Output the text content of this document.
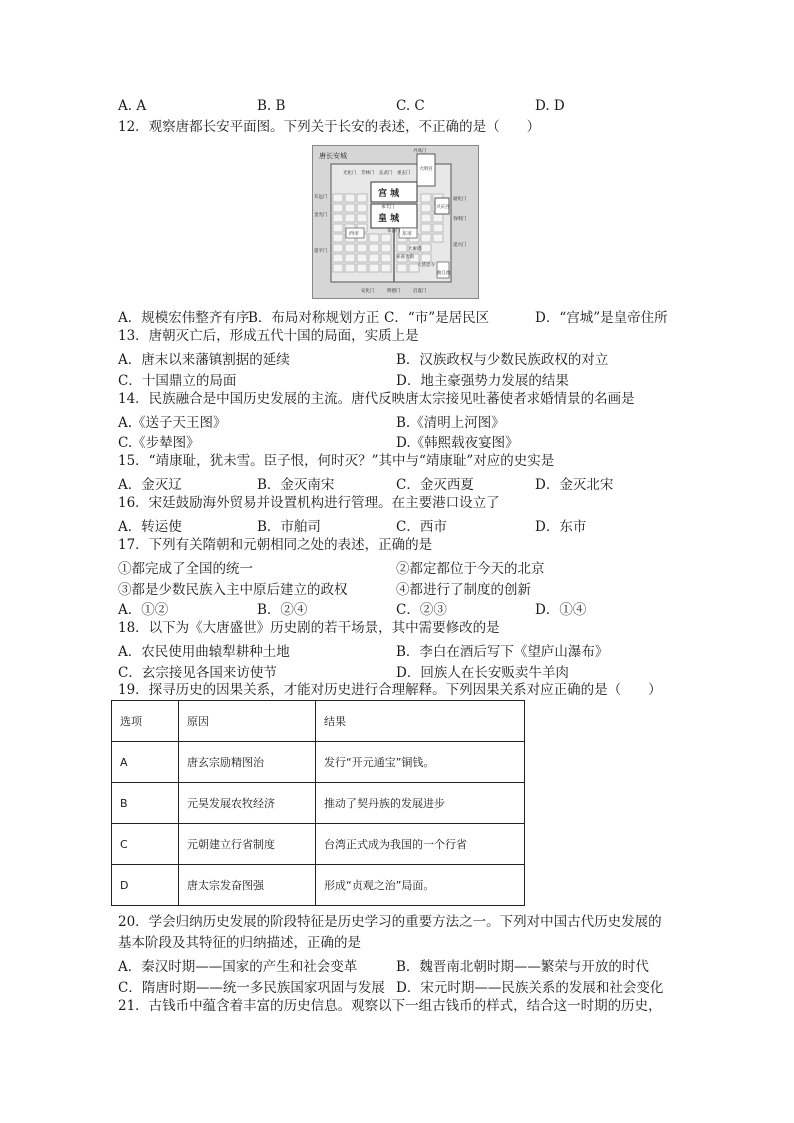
A. A	B. B	C. C	D. D
12．观察唐都长安平面图。下列关于长安的表述，不正确的是（　　）
唐长安城
宫 城
皇 城
承天门
西市	东市
大雁塔
大明宫
兴庆宫
大慈恩寺
曲江池
朱雀大街
朱雀门
光化门 芳林门 玄武门 重玄门
金光门
延平门
开远门
春明门
通化门
延兴门
丹凤门
安化门	明德门	启夏门
A．规模宏伟整齐有序
B．布局对称规划方正 C．“市”是居民区	D．“宫城”是皇帝住所
13．唐朝灭亡后，形成五代十国的局面，实质上是
A．唐末以来藩镇割据的延续	B．汉族政权与少数民族政权的对立
C．十国鼎立的局面	D．地主豪强势力发展的结果
14．民族融合是中国历史发展的主流。唐代反映唐太宗接见吐蕃使者求婚情景的名画是
A.《送子天王图》	B.《清明上河图》
C.《步辇图》	D.《韩熙载夜宴图》
15．“靖康耻，犹未雪。臣子恨，何时灭？”其中与“靖康耻”对应的史实是
A．金灭辽	B．金灭南宋	C．金灭西夏	D．金灭北宋
16．宋廷鼓励海外贸易并设置机构进行管理。在主要港口设立了
A．转运使	B．市舶司	C．西市	D．东市
17．下列有关隋朝和元朝相同之处的表述，正确的是
①都完成了全国的统一	②都定都位于今天的北京
③都是少数民族入主中原后建立的政权	④都进行了制度的创新
A．①②	B．②④	C．②③	D．①④
18．以下为《大唐盛世》历史剧的若干场景，其中需要修改的是
A．农民使用曲辕犁耕种土地	B．李白在酒后写下《望庐山瀑布》
C．玄宗接见各国来访使节	D．回族人在长安贩卖牛羊肉
19．探寻历史的因果关系，才能对历史进行合理解释。下列因果关系对应正确的是（　　）
选项	原因	结果
A	唐玄宗励精图治	发行“开元通宝”铜钱。
B	元昊发展农牧经济	推动了契丹族的发展进步
C	元朝建立行省制度	台湾正式成为我国的一个行省
D	唐太宗发奋图强	形成“贞观之治”局面。
20．学会归纳历史发展的阶段特征是历史学习的重要方法之一。下列对中国古代历史发展的
基本阶段及其特征的归纳描述，正确的是
A．秦汉时期——国家的产生和社会变革	B．魏晋南北朝时期——繁荣与开放的时代
C．隋唐时期——统一多民族国家巩固与发展 D．宋元时期——民族关系的发展和社会变化
21．古钱币中蕴含着丰富的历史信息。观察以下一组古钱币的样式，结合这一时期的历史，
